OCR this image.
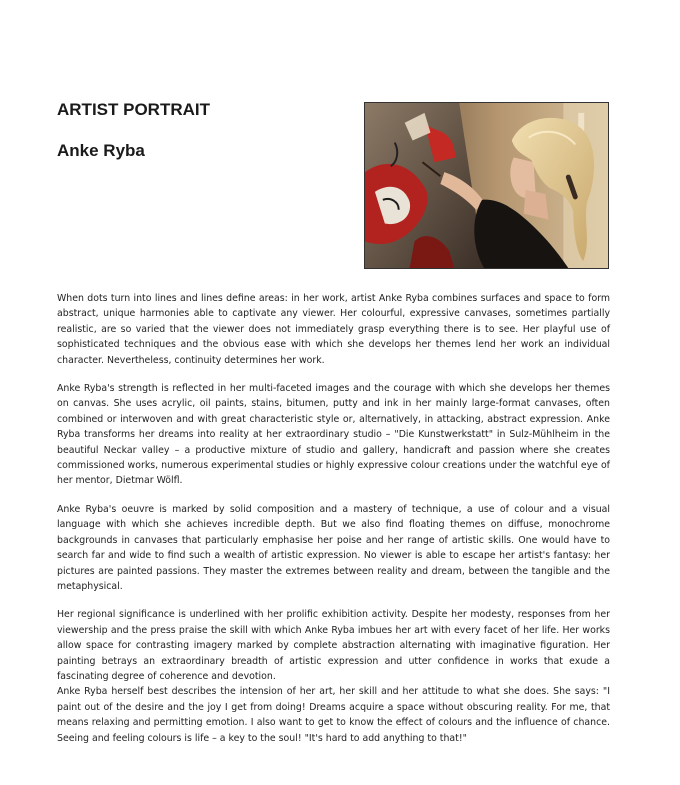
ARTIST PORTRAIT
Anke Ryba

When dots turn into lines and lines define areas: in her work, artist Anke Ryba combines surfaces and space to form abstract, unique harmonies able to captivate any viewer. Her colourful, expressive canvases, sometimes partially realistic, are so varied that the viewer does not immediately grasp everything there is to see. Her playful use of sophisticated techniques and the obvious ease with which she develops her themes lend her work an individual character. Nevertheless, continuity determines her work.

Anke Ryba's strength is reflected in her multi-faceted images and the courage with which she develops her themes on canvas. She uses acrylic, oil paints, stains, bitumen, putty and ink in her mainly large-format canvases, often combined or interwoven and with great characteristic style or, alternatively, in attacking, abstract expression. Anke Ryba transforms her dreams into reality at her extraordinary studio – "Die Kunstwerkstatt" in Sulz-Mühlheim in the beautiful Neckar valley – a productive mixture of studio and gallery, handicraft and passion where she creates commissioned works, numerous experimental studies or highly expressive colour creations under the watchful eye of her mentor, Dietmar Wölfl.

Anke Ryba's oeuvre is marked by solid composition and a mastery of technique, a use of colour and a visual language with which she achieves incredible depth. But we also find floating themes on diffuse, monochrome backgrounds in canvases that particularly emphasise her poise and her range of artistic skills. One would have to search far and wide to find such a wealth of artistic expression. No viewer is able to escape her artist's fantasy: her pictures are painted passions. They master the extremes between reality and dream, between the tangible and the metaphysical.

Her regional significance is underlined with her prolific exhibition activity. Despite her modesty, responses from her viewership and the press praise the skill with which Anke Ryba imbues her art with every facet of her life. Her works allow space for contrasting imagery marked by complete abstraction alternating with imaginative figuration. Her painting betrays an extraordinary breadth of artistic expression and utter confidence in works that exude a fascinating degree of coherence and devotion.

Anke Ryba herself best describes the intension of her art, her skill and her attitude to what she does. She says: "I paint out of the desire and the joy I get from doing! Dreams acquire a space without obscuring reality. For me, that means relaxing and permitting emotion. I also want to get to know the effect of colours and the influence of chance. Seeing and feeling colours is life – a key to the soul! "It's hard to add anything to that!"
